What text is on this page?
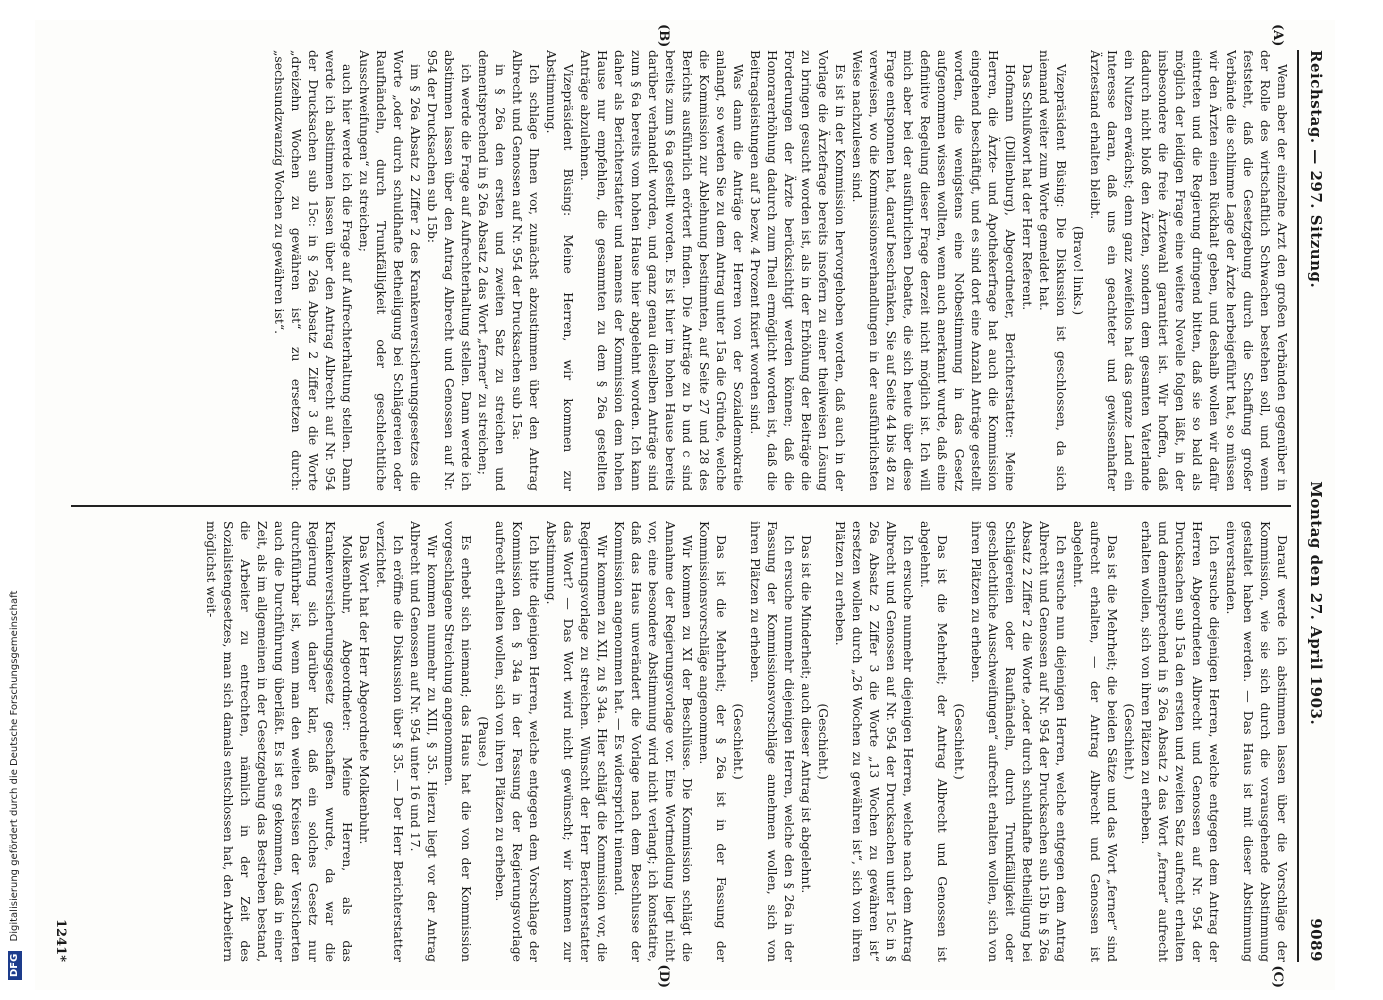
Reichstag. — 297. Sitzung.
Montag den 27. April 1903.
9089
(A)
(B)
(C)
(D)

Wenn aber der einzelne Arzt den großen Verbänden gegenüber in der Rolle des wirtschaftlich Schwachen bestehen soll, und wenn feststeht, daß die Gesetzgebung durch die Schaffung großer Verbände die schlimme Lage der Ärzte herbeigeführt hat, so müssen wir den Ärzten einen Rückhalt geben, und deshalb wollen wir dafür eintreten und die Regierung dringend bitten, daß sie so bald als möglich der leidigen Frage eine weitere Novelle folgen läßt, in der insbesondere die freie Ärztewahl garantiert ist. Wir hoffen, daß dadurch nicht bloß den Ärzten, sondern dem gesamten Vaterlande ein Nutzen erwächst; denn ganz zweifellos hat das ganze Land ein Interesse daran, daß uns ein geachteter und gewissenhafter Ärztestand erhalten bleibt.

(Bravo! links.)

Vizepräsident Büsing: Die Diskussion ist geschlossen, da sich niemand weiter zum Worte gemeldet hat.

Das Schlußwort hat der Herr Referent.

Hofmann (Dillenburg), Abgeordneter, Berichterstatter: Meine Herren, die Ärzte- und Apothekerfrage hat auch die Kommission eingehend beschäftigt, und es sind dort eine Anzahl Anträge gestellt worden, die wenigstens eine Notbestimmung in das Gesetz aufgenommen wissen wollten, wenn auch anerkannt wurde, daß eine definitive Regelung dieser Frage derzeit nicht möglich ist. Ich will mich aber bei der ausführlichen Debatte, die sich heute über diese Frage entsponnen hat, darauf beschränken, Sie auf Seite 44 bis 48 zu verweisen, wo die Kommissionsverhandlungen in der ausführlichsten Weise nachzulesen sind.

Es ist in der Kommission hervorgehoben worden, daß auch in der Vorlage die Ärztefrage bereits insofern zu einer theilweisen Lösung zu bringen gesucht worden ist, als in der Erhöhung der Beiträge die Forderungen der Ärzte berücksichtigt werden können; daß die Honorarerhöhung dadurch zum Theil ermöglicht worden ist, daß die Beitragsleistungen auf 3 bezw. 4 Prozent fixiert worden sind.

Was dann die Anträge der Herren von der Sozialdemokratie anlangt, so werden Sie zu dem Antrag unter 15a die Gründe, welche die Kommission zur Ablehnung bestimmten, auf Seite 27 und 28 des Berichts ausführlich erörtert finden. Die Anträge zu b und c sind bereits zum § 6a gestellt worden. Es ist hier im hohen Hause bereits darüber verhandelt worden, und ganz genau dieselben Anträge sind zum § 6a bereits vom hohen Hause hier abgelehnt worden. Ich kann daher als Berichterstatter und namens der Kommission dem hohen Hause nur empfehlen, die gesammten zu dem § 26a gestellten Anträge abzulehnen.

Vizepräsident Büsing: Meine Herren, wir kommen zur Abstimmung.

Ich schlage Ihnen vor, zunächst abzustimmen über den Antrag Albrecht und Genossen auf Nr. 954 der Drucksachen sub 15a:

in § 26a den ersten und zweiten Satz zu streichen und dementsprechend in § 26a Absatz 2 das Wort „ferner“ zu streichen;

ich werde die Frage auf Aufrechterhaltung stellen. Dann werde ich abstimmen lassen über den Antrag Albrecht und Genossen auf Nr. 954 der Drucksachen sub 15b:

im § 26a Absatz 2 Ziffer 2 des Krankenversicherungsgesetzes die Worte „oder durch schuldhafte Betheiligung bei Schlägereien oder Raufhändeln, durch Trunkfälligkeit oder geschlechtliche Ausschweifungen“ zu streichen;

auch hier werde ich die Frage auf Aufrechterhaltung stellen. Dann werde ich abstimmen lassen über den Antrag Albrecht auf Nr. 954 der Drucksachen sub 15c: in § 26a Absatz 2 Ziffer 3 die Worte „dreizehn Wochen zu gewähren ist“ zu ersetzen durch: „sechsundzwanzig Wochen zu gewähren ist“.

Darauf werde ich abstimmen lassen über die Vorschläge der Kommission, wie sie sich durch die vorausgehende Abstimmung gestaltet haben werden. — Das Haus ist mit dieser Abstimmung einverstanden.

Ich ersuche diejenigen Herren, welche entgegen dem Antrag der Herren Abgeordneten Albrecht und Genossen auf Nr. 954 der Drucksachen sub 15a den ersten und zweiten Satz aufrecht erhalten und dementsprechend in § 26a Absatz 2 das Wort „ferner“ aufrecht erhalten wollen, sich von ihren Plätzen zu erheben.

(Geschieht.)

Das ist die Mehrheit; die beiden Sätze und das Wort „ferner“ sind aufrecht erhalten, — der Antrag Albrecht und Genossen ist abgelehnt.

Ich ersuche nun diejenigen Herren, welche entgegen dem Antrag Albrecht und Genossen auf Nr. 954 der Drucksachen sub 15b in § 26a Absatz 2 Ziffer 2 die Worte „oder durch schuldhafte Betheiligung bei Schlägereien oder Raufhändeln, durch Trunkfälligkeit oder geschlechtliche Ausschweifungen“ aufrecht erhalten wollen, sich von ihren Plätzen zu erheben.

(Geschieht.)

Das ist die Mehrheit; der Antrag Albrecht und Genossen ist abgelehnt.

Ich ersuche nunmehr diejenigen Herren, welche nach dem Antrag Albrecht und Genossen auf Nr. 954 der Drucksachen unter 15c in § 26a Absatz 2 Ziffer 3 die Worte „13 Wochen zu gewähren ist“ ersetzen wollen durch „26 Wochen zu gewähren ist“, sich von ihren Plätzen zu erheben.

(Geschieht.)

Das ist die Minderheit; auch dieser Antrag ist abgelehnt.

Ich ersuche nunmehr diejenigen Herren, welche den § 26a in der Fassung der Kommissionsvorschläge annehmen wollen, sich von ihren Plätzen zu erheben.

(Geschieht.)

Das ist die Mehrheit; der § 26a ist in der Fassung der Kommissionsvorschläge angenommen.

Wir kommen zu XI der Beschlüsse. Die Kommission schlägt die Annahme der Regierungsvorlage vor. Eine Wortmeldung liegt nicht vor, eine besondere Abstimmung wird nicht verlangt; ich konstatire, daß das Haus unverändert die Vorlage nach dem Beschlusse der Kommission angenommen hat. — Es widerspricht niemand.

Wir kommen zu XII, zu § 34a. Hier schlägt die Kommission vor, die Regierungsvorlage zu streichen. Wünscht der Herr Berichterstatter das Wort? — Das Wort wird nicht gewünscht; wir kommen zur Abstimmung.

Ich bitte diejenigen Herren, welche entgegen dem Vorschlage der Kommission den § 34a in der Fassung der Regierungsvorlage aufrecht erhalten wollen, sich von ihren Plätzen zu erheben.

(Pause.)

Es erhebt sich niemand; das Haus hat die von der Kommission vorgeschlagene Streichung angenommen.

Wir kommen nunmehr zu XIII, § 35. Hierzu liegt vor der Antrag Albrecht und Genossen auf Nr. 954 unter 16 und 17.

Ich eröffne die Diskussion über § 35. — Der Herr Berichterstatter verzichtet.

Das Wort hat der Herr Abgeordnete Molkenbuhr.

Molkenbuhr, Abgeordneter: Meine Herren, als das Krankenversicherungsgesetz geschaffen wurde, da war die Regierung sich darüber klar, daß ein solches Gesetz nur durchführbar ist, wenn man den weiten Kreisen der Versicherten auch die Durchführung überläßt. Es ist es gekommen, daß in einer Zeit, als im allgemeinen in der Gesetzgebung das Bestreben bestand, die Arbeiter zu entrechten, nämlich in der Zeit des Sozialistengesetzes, man sich damals entschlossen hat, den Arbeitern möglichst weit-

1241*
DFG Digitalisierung gefördert durch die Deutsche Forschungsgemeinschaft
